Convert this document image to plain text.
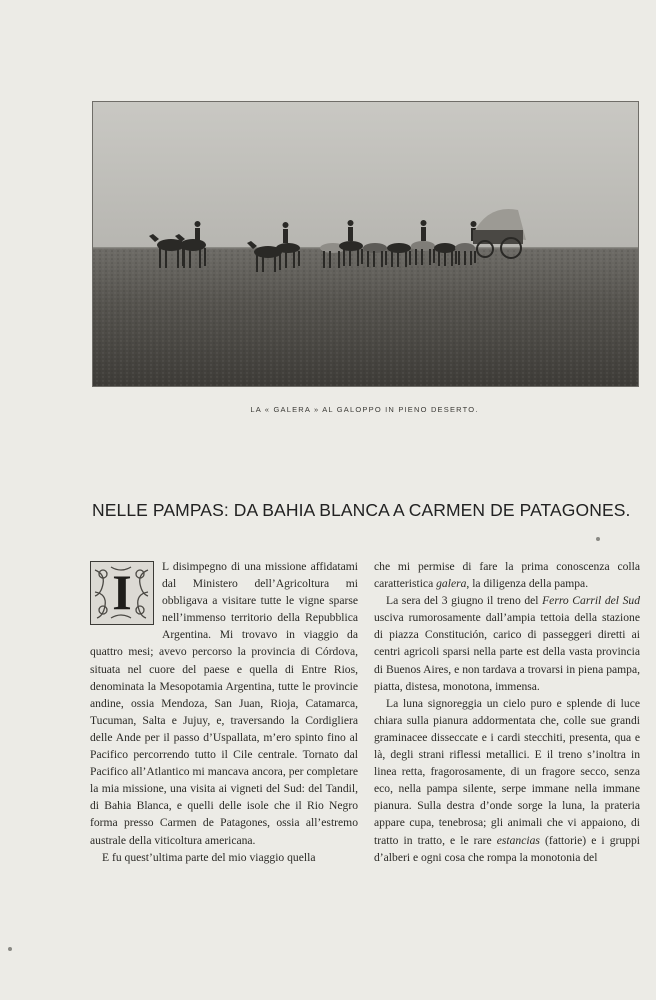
LA « GALERA » AL GALOPPO IN PIENO DESERTO.
NELLE PAMPAS: DA BAHIA BLANCA A CARMEN DE PATAGONES.
I	L disimpegno di una missione affidatami dal Ministero dell’Agricoltura mi obbligava a visitare tutte le vigne sparse nell’immenso territorio della Repubblica Argentina. Mi trovavo in viaggio da quattro mesi; avevo percorso la provincia di Córdova, situata nel cuore del paese e quella di Entre Rios, denominata la Mesopotamia Argentina, tutte le provincie andine, ossia Mendoza, San Juan, Rioja, Catamarca, Tucuman, Salta e Jujuy, e, traversando la Cordigliera delle Ande per il passo d’Uspallata, m’ero spinto fino al Pacifico percorrendo tutto il Cile centrale. Tornato dal Pacifico all’Atlantico mi mancava ancora, per completare la mia missione, una visita ai vigneti del Sud: del Tandil, di Bahia Blanca, e quelli delle isole che il Rio Negro forma presso Carmen de Patagones, ossia all’estremo australe della viticoltura americana.

E fu quest’ultima parte del mio viaggio quella

che mi permise di fare la prima conoscenza colla caratteristica galera, la diligenza della pampa.

La sera del 3 giugno il treno del Ferro Carril del Sud usciva rumorosamente dall’ampia tettoia della stazione di piazza Constitución, carico di passeggeri diretti ai centri agricoli sparsi nella parte est della vasta provincia di Buenos Aires, e non tardava a trovarsi in piena pampa, piatta, distesa, monotona, immensa.

La luna signoreggia un cielo puro e splende di luce chiara sulla pianura addormentata che, colle sue grandi graminacee disseccate e i cardi stecchiti, presenta, qua e là, degli strani riflessi metallici. E il treno s’inoltra in linea retta, fragorosamente, di un fragore secco, senza eco, nella pampa silente, serpe immane nella immane pianura. Sulla destra d’onde sorge la luna, la prateria appare cupa, tenebrosa; gli animali che vi appaiono, di tratto in tratto, e le rare estancias (fattorie) e i gruppi d’alberi e ogni cosa che rompa la monotonia del
